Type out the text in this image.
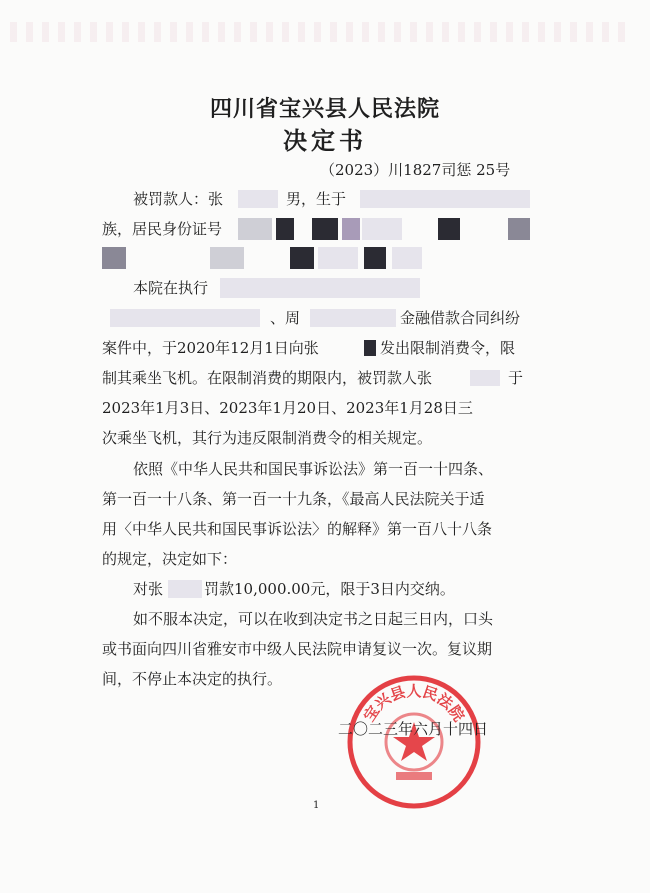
四川省宝兴县人民法院
决定书
（2023）川1827司惩 25号
被罚款人：张	男，生于
族，居民身份证号
本院在执行
、周	金融借款合同纠纷
案件中，于2020年12月1日向张	发出限制消费令，限
制其乘坐飞机。在限制消费的期限内，被罚款人张	于
2023年1月3日、2023年1月20日、2023年1月28日三
次乘坐飞机，其行为违反限制消费令的相关规定。
依照《中华人民共和国民事诉讼法》第一百一十四条、
第一百一十八条、第一百一十九条，《最高人民法院关于适
用〈中华人民共和国民事诉讼法〉的解释》第一百八十八条
的规定，决定如下：
对张	罚款10,000.00元，限于3日内交纳。
如不服本决定，可以在收到决定书之日起三日内，口头
或书面向四川省雅安市中级人民法院申请复议一次。复议期
间，不停止本决定的执行。
宝兴县人民法院
二〇二三年六月十四日
1
